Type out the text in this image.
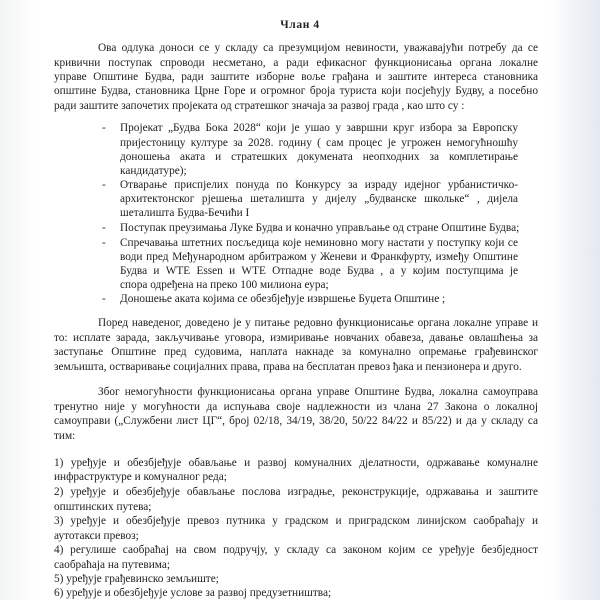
Члан 4
Ова одлука доноси се у складу са презумцијом невиности, уважавајући потребу да се
кривични поступак спроводи несметано, а ради ефикасног функционисања органа локалне
управе Општине Будва, ради заштите изборне воље грађана и заштите интереса становника
општине Будва, становника Црне Горе и огромног броја туриста који посјећују Будву, а посебно
ради заштите започетих пројеката од стратешког значаја за развој града , као што су :
- Пројекат „Будва Бока 2028“ који је ушао у завршни круг избора за Европску
пријестоницу културе за 2028. годину ( сам процес је угрожен немогућношћу
доношења аката и стратешких докумената неопходних за комплетирање
кандидатуре);
- Отварање приспјелих понуда по Конкурсу за израду идејног урбанистичко-
архитектонског рјешења шеталишта у дијелу „будванске школьке“ , дијела
шеталишта Будва-Бечићи I
- Поступак преузимања Луке Будва и коначно управљање од стране Општине Будва;
- Спречавања штетних посљедица које неминовно могу настати у поступку који се
води пред Међународном арбитражом у Женеви и Франкфурту, између Општине
Будва и WTE Essen и WTE Отпадне воде Будва , а у којим поступцима је
спора одређена на преко 100 милиона еура;
- Доношење аката којима се обезбјеђује извршење Буџета Општине ;
Поред наведеног, доведено је у питање редовно функционисање органа локалне управе и
то: исплате зарада, закључивање уговора, измиривање новчаних обавеза, давање овлашћења за
заступање Општине пред судовима, наплата накнаде за комунално опремање грађевинског
земљишта, остваривање социјалних права, права на бесплатан превоз ђака и пензионера и друго.
Због немогућности функционисања органа управе Општине Будва, локална самоуправа
тренутно није у могућности да испуњава своје надлежности из члана 27 Закона о локалној
самоуправи („Службени лист ЦГ“, број 02/18, 34/19, 38/20, 50/22 84/22 и 85/22) и да у складу са
тим:
1) уређује и обезбјеђује обављање и развој комуналних дјелатности, одржавање комуналне
инфраструктуре и комуналног реда;
2) уређује и обезбјеђује обављање послова изградње, реконструкције, одржавања и заштите
општинских путева;
3) уређује и обезбјеђује превоз путника у градском и приградском линијском саобраћају и
аутотакси превоз;
4) регулише саобраћај на свом подручју, у складу са законом којим се уређује безбједност
саобраћаја на путевима;
5) уређује грађевинско земљиште;
6) уређује и обезбјеђује услове за развој предузетништва;
